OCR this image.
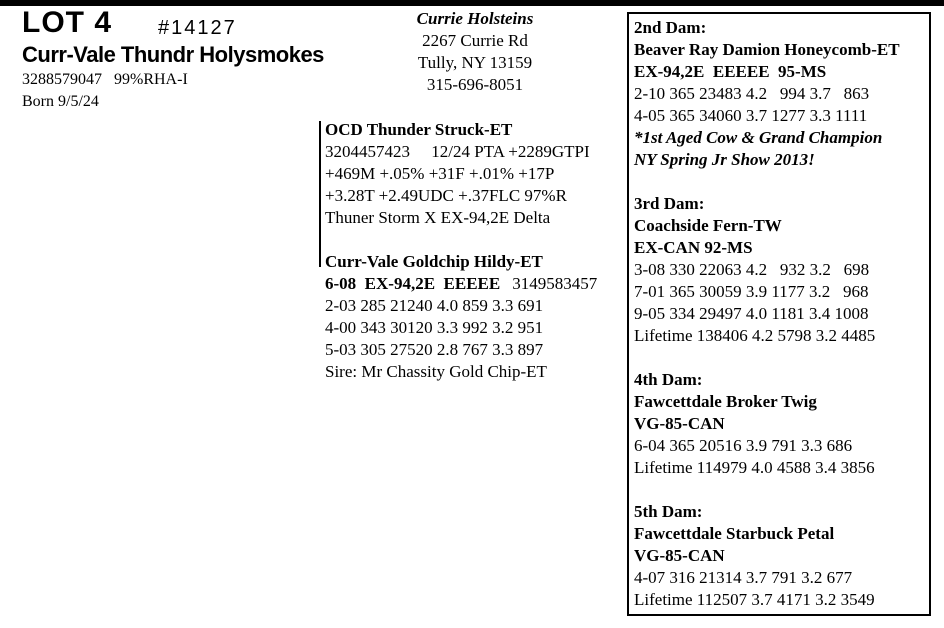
LOT 4 #14127
Curr-Vale Thundr Holysmokes
3288579047   99%RHA-I
Born 9/5/24
Currie Holsteins
2267 Currie Rd
Tully, NY 13159
315-696-8051
OCD Thunder Struck-ET
3204457423     12/24 PTA +2289GTPI
+469M +.05% +31F +.01% +17P
+3.28T +2.49UDC +.37FLC 97%R
Thuner Storm X EX-94,2E Delta
Curr-Vale Goldchip Hildy-ET
6-08  EX-94,2E  EEEEE 3149583457
2-03 285 21240 4.0 859 3.3 691
4-00 343 30120 3.3 992 3.2 951
5-03 305 27520 2.8 767 3.3 897
Sire: Mr Chassity Gold Chip-ET
2nd Dam:
Beaver Ray Damion Honeycomb-ET
EX-94,2E  EEEEE  95-MS
2-10 365 23483 4.2   994 3.7   863
4-05 365 34060 3.7 1277 3.3 1111
*1st Aged Cow & Grand Champion
NY Spring Jr Show 2013!
3rd Dam:
Coachside Fern-TW
EX-CAN 92-MS
3-08 330 22063 4.2   932 3.2   698
7-01 365 30059 3.9 1177 3.2   968
9-05 334 29497 4.0 1181 3.4 1008
Lifetime 138406 4.2 5798 3.2 4485
4th Dam:
Fawcettdale Broker Twig
VG-85-CAN
6-04 365 20516 3.9 791 3.3 686
Lifetime 114979 4.0 4588 3.4 3856
5th Dam:
Fawcettdale Starbuck Petal
VG-85-CAN
4-07 316 21314 3.7 791 3.2 677
Lifetime 112507 3.7 4171 3.2 3549
